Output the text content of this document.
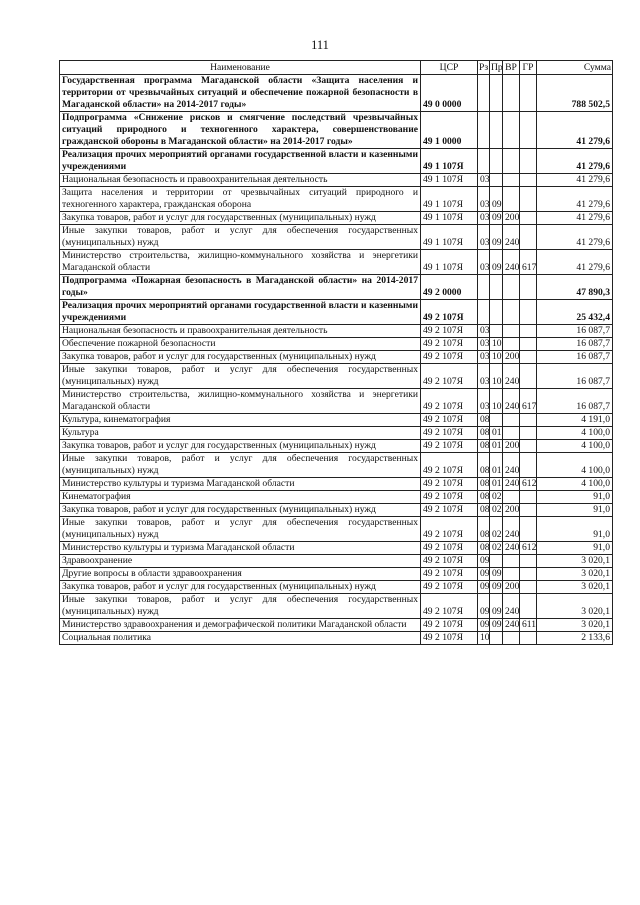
111
Наименование	ЦСР	Рз	Пр	ВР	ГР	Сумма
Государственная программа Магаданской области «Защита населения и территории от чрезвычайных ситуаций и обеспечение пожарной безопасности в Магаданской области» на 2014-2017 годы»	49 0 0000					788 502,5
Подпрограмма «Снижение рисков и смягчение последствий чрезвычайных ситуаций природного и техногенного характера, совершенствование гражданской обороны в Магаданской области» на 2014-2017 годы»	49 1 0000					41 279,6
Реализация прочих мероприятий органами государственной власти и казенными учреждениями	49 1 107Я					41 279,6
Национальная безопасность и правоохранительная деятельность	49 1 107Я	03				41 279,6
Защита населения и территории от чрезвычайных ситуаций природного и техногенного характера, гражданская оборона	49 1 107Я	03	09			41 279,6
Закупка товаров, работ и услуг для государственных (муниципальных) нужд	49 1 107Я	03	09	200		41 279,6
Иные закупки товаров, работ и услуг для обеспечения государственных (муниципальных) нужд	49 1 107Я	03	09	240		41 279,6
Министерство строительства, жилищно-коммунального хозяйства и энергетики Магаданской области	49 1 107Я	03	09	240	617	41 279,6
Подпрограмма «Пожарная безопасность в Магаданской области» на 2014-2017 годы»	49 2 0000					47 890,3
Реализация прочих мероприятий органами государственной власти и казенными учреждениями	49 2 107Я					25 432,4
Национальная безопасность и правоохранительная деятельность	49 2 107Я	03				16 087,7
Обеспечение пожарной безопасности	49 2 107Я	03	10			16 087,7
Закупка товаров, работ и услуг для государственных (муниципальных) нужд	49 2 107Я	03	10	200		16 087,7
Иные закупки товаров, работ и услуг для обеспечения государственных (муниципальных) нужд	49 2 107Я	03	10	240		16 087,7
Министерство строительства, жилищно-коммунального хозяйства и энергетики Магаданской области	49 2 107Я	03	10	240	617	16 087,7
Культура, кинематография	49 2 107Я	08				4 191,0
Культура	49 2 107Я	08	01			4 100,0
Закупка товаров, работ и услуг для государственных (муниципальных) нужд	49 2 107Я	08	01	200		4 100,0
Иные закупки товаров, работ и услуг для обеспечения государственных (муниципальных) нужд	49 2 107Я	08	01	240		4 100,0
Министерство культуры и туризма Магаданской области	49 2 107Я	08	01	240	612	4 100,0
Кинематография	49 2 107Я	08	02			91,0
Закупка товаров, работ и услуг для государственных (муниципальных) нужд	49 2 107Я	08	02	200		91,0
Иные закупки товаров, работ и услуг для обеспечения государственных (муниципальных) нужд	49 2 107Я	08	02	240		91,0
Министерство культуры и туризма Магаданской области	49 2 107Я	08	02	240	612	91,0
Здравоохранение	49 2 107Я	09				3 020,1
Другие вопросы в области здравоохранения	49 2 107Я	09	09			3 020,1
Закупка товаров, работ и услуг для государственных (муниципальных) нужд	49 2 107Я	09	09	200		3 020,1
Иные закупки товаров, работ и услуг для обеспечения государственных (муниципальных) нужд	49 2 107Я	09	09	240		3 020,1
Министерство здравоохранения и демографической политики Магаданской области	49 2 107Я	09	09	240	611	3 020,1
Социальная политика	49 2 107Я	10				2 133,6
